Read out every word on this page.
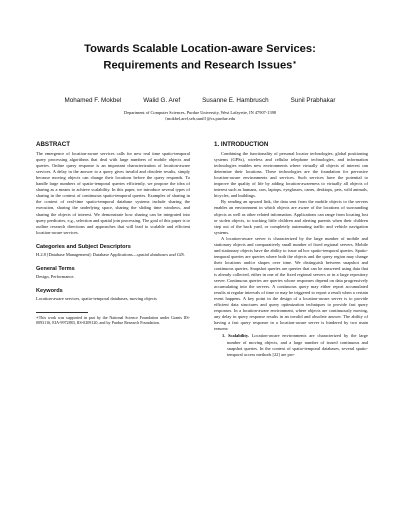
Towards Scalable Location-aware Services:
Requirements and Research Issues∗
Mohamed F. Mokbel	Walid G. Aref	Susanne E. Hambrusch	Sunil Prabhakar
Department of Computer Sciences, Purdue University, West Lafayette, IN 47907-1398
{mokbel,aref,seh,sunil}@cs.purdue.edu
ABSTRACT

The emergence of location-aware services calls for new real time spatio-temporal query processing algorithms that deal with large numbers of mobile objects and queries. Online query response is an important characterization of location-aware services. A delay in the answer to a query gives invalid and obsolete results, simply because moving objects can change their locations before the query responds. To handle large numbers of spatio-temporal queries efficiently, we propose the idea of sharing as a means to achieve scalability. In this paper, we introduce several types of sharing in the context of continuous spatio-temporal queries. Examples of sharing in the context of real-time spatio-temporal database systems include sharing the execution, sharing the underlying space, sharing the sliding time windows, and sharing the objects of interest. We demonstrate how sharing can be integrated into query predicates, e.g., selection and spatial join processing. The goal of this paper is to outline research directions and approaches that will lead to scalable and efficient location-aware services.

Categories and Subject Descriptors

H.2.8 [Database Management]: Database Applications—spatial databases and GIS.

General Terms

Design, Performance.

Keywords

Location-aware services, spatio-temporal databases, moving objects

∗This work was supported in part by the National Science Foundation under Grants IIS-0093116, EIA-9972883, IIS-0209120, and by Purdue Research Foundation.

1. INTRODUCTION

Combining the functionality of personal locator technologies, global positioning systems (GPSs), wireless and cellular telephone technologies, and information technologies enables new environments where virtually all objects of interest can determine their locations. These technologies are the foundation for pervasive location-aware environments and services. Such services have the potential to improve the quality of life by adding location-awareness to virtually all objects of interest such as humans, cars, laptops, eyeglasses, canes, desktops, pets, wild animals, bicycles, and buildings.

By sending an upward link, the data sent from the mobile objects to the servers enables an environment in which objects are aware of the locations of surrounding objects as well as other related information. Applications can range from locating lost or stolen objects, to tracking little children and alerting parents when their children step out of the back yard, or completely automating traffic and vehicle navigation systems.

A location-aware server is characterized by the large number of mobile and stationary objects and comparatively small number of fixed regional servers. Mobile and stationary objects have the ability to issue ad hoc spatio-temporal queries. Spatio-temporal queries are queries where both the objects and the query region may change their locations and/or shapes over time. We distinguish between snapshot and continuous queries. Snapshot queries are queries that can be answered using data that is already collected, either in one of the fixed regional servers or in a large repository server. Continuous queries are queries whose responses depend on data progressively accumulating into the servers. A continuous query may either report accumulated results at regular intervals of time or may be triggered to report a result when a certain event happens. A key point in the design of a location-aware server is to provide efficient data structures and query optimization techniques to provide fast query responses. In a location-aware environment, where objects are continuously moving, any delay in query response results in an invalid and obsolete answer. The ability of having a fast query response in a location-aware server is hindered by two main reasons:

1. Scalability. Location-aware environments are characterized by the large number of moving objects, and a large number of issued continuous and snapshot queries. In the context of spatio-temporal databases, several spatio-temporal access methods [22] are pro-
